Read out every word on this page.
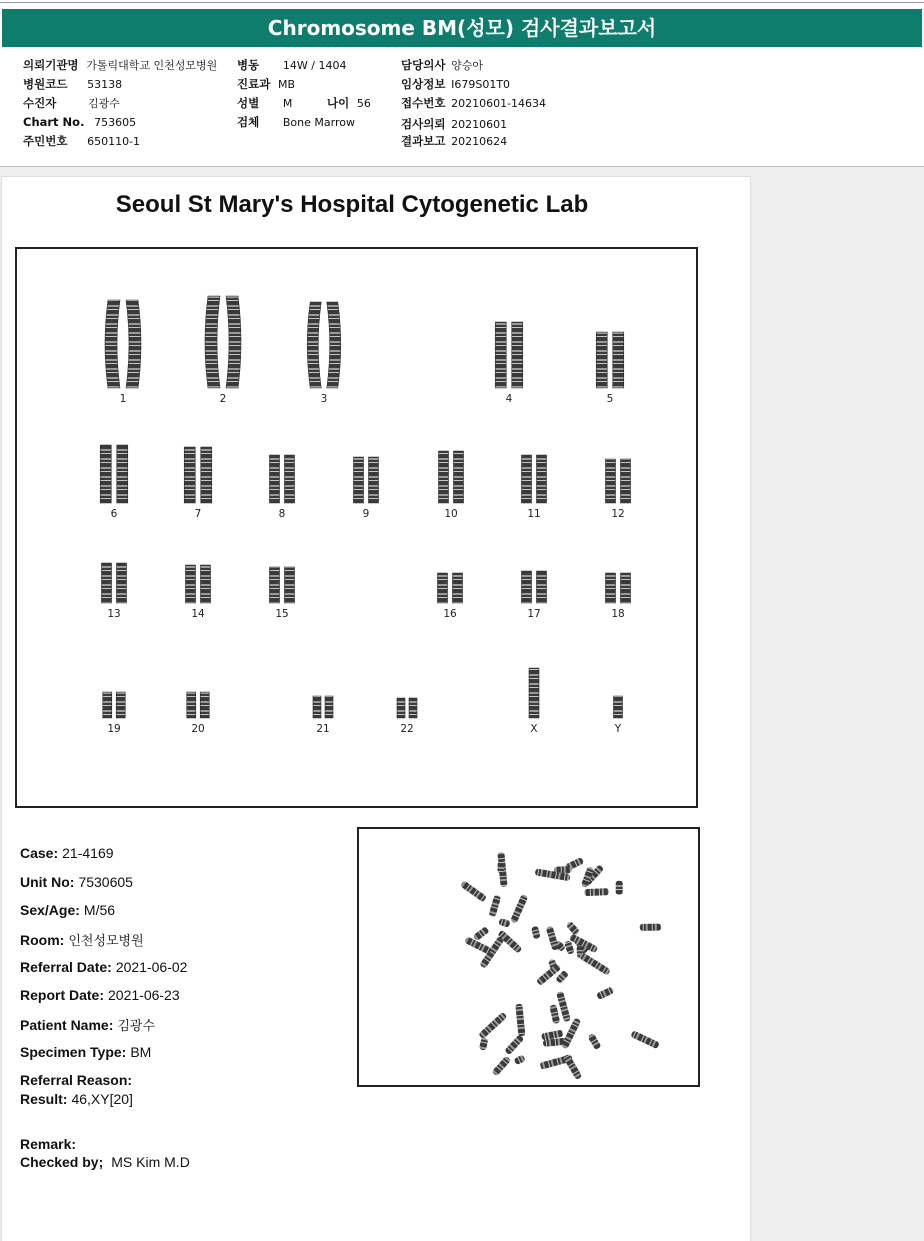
Chromosome BM(성모) 검사결과보고서
의뢰기관명 가톨릭대학교 인천성모병원 병동 14W / 1404	담당의사 양승아
병원코드 53138	진료과 MB	임상정보 I679S01T0
수진자	김광수	성별 M	나이 56	접수번호 20210601-14634
Chart No. 753605	검체 Bone Marrow	검사의뢰 20210601
주민번호 650110-1	결과보고 20210624
Seoul St Mary's Hospital Cytogenetic Lab
1	2	3	4	5
6	7	8	9	10	11	12
13	14	15	16	17	18
19	20	21	22	X	Y
Case: 21-4169
Unit No: 7530605
Sex/Age: M/56
Room: 인천성모병원
Referral Date: 2021-06-02
Report Date: 2021-06-23
Patient Name: 김광수
Specimen Type: BM
Referral Reason:
Result: 46,XY[20]
Remark:
Checked by; MS Kim M.D
